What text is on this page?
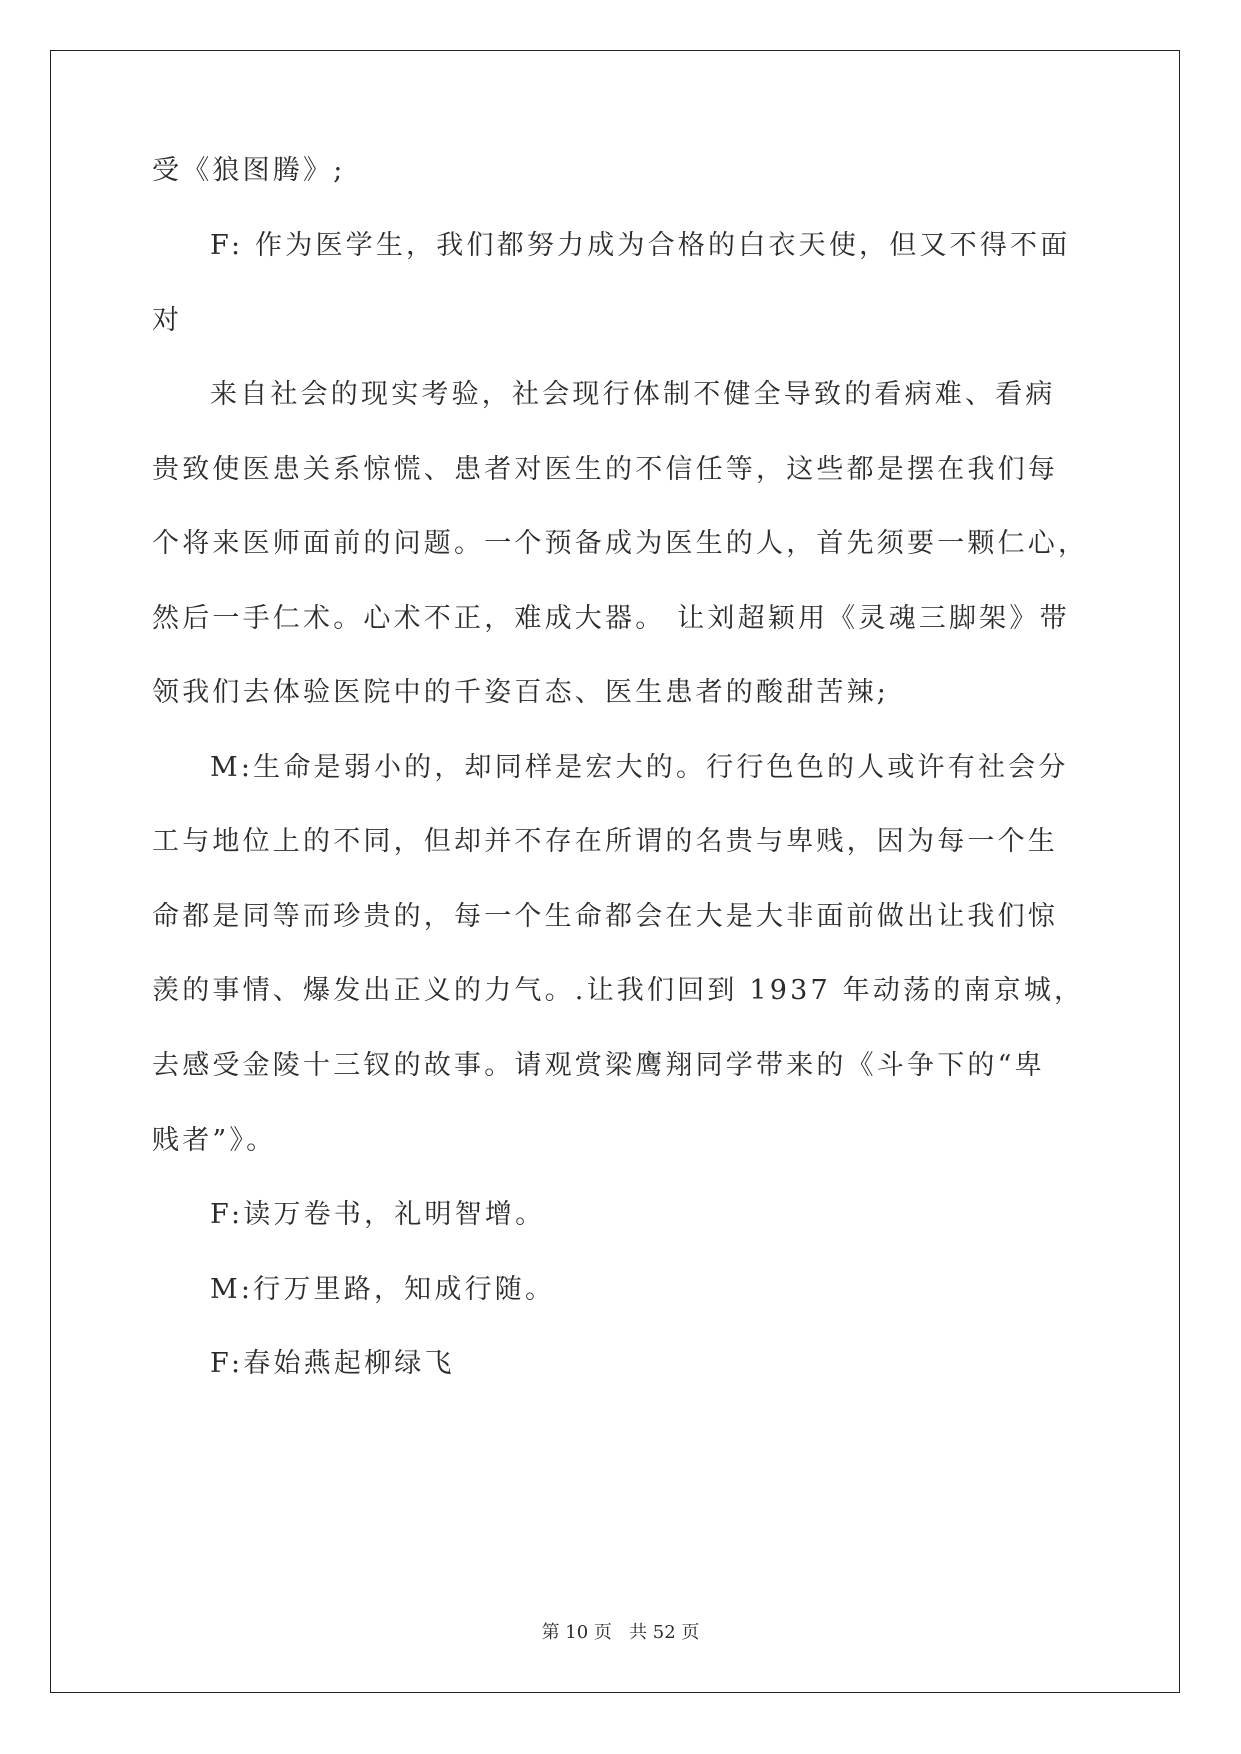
受《狼图腾》;
F: 作为医学生，我们都努力成为合格的白衣天使，但又不得不面
对
来自社会的现实考验，社会现行体制不健全导致的看病难、看病
贵致使医患关系惊慌、患者对医生的不信任等，这些都是摆在我们每
个将来医师面前的问题。一个预备成为医生的人，首先须要一颗仁心，
然后一手仁术。心术不正，难成大器。 让刘超颖用《灵魂三脚架》带
领我们去体验医院中的千姿百态、医生患者的酸甜苦辣;
M:生命是弱小的，却同样是宏大的。行行色色的人或许有社会分
工与地位上的不同，但却并不存在所谓的名贵与卑贱，因为每一个生
命都是同等而珍贵的，每一个生命都会在大是大非面前做出让我们惊
羡的事情、爆发出正义的力气。.让我们回到 1937 年动荡的南京城，
去感受金陵十三钗的故事。请观赏梁鹰翔同学带来的《斗争下的“卑
贱者”》。
F:读万卷书，礼明智增。
M:行万里路，知成行随。
F:春始燕起柳绿飞
第 10 页   共 52 页
